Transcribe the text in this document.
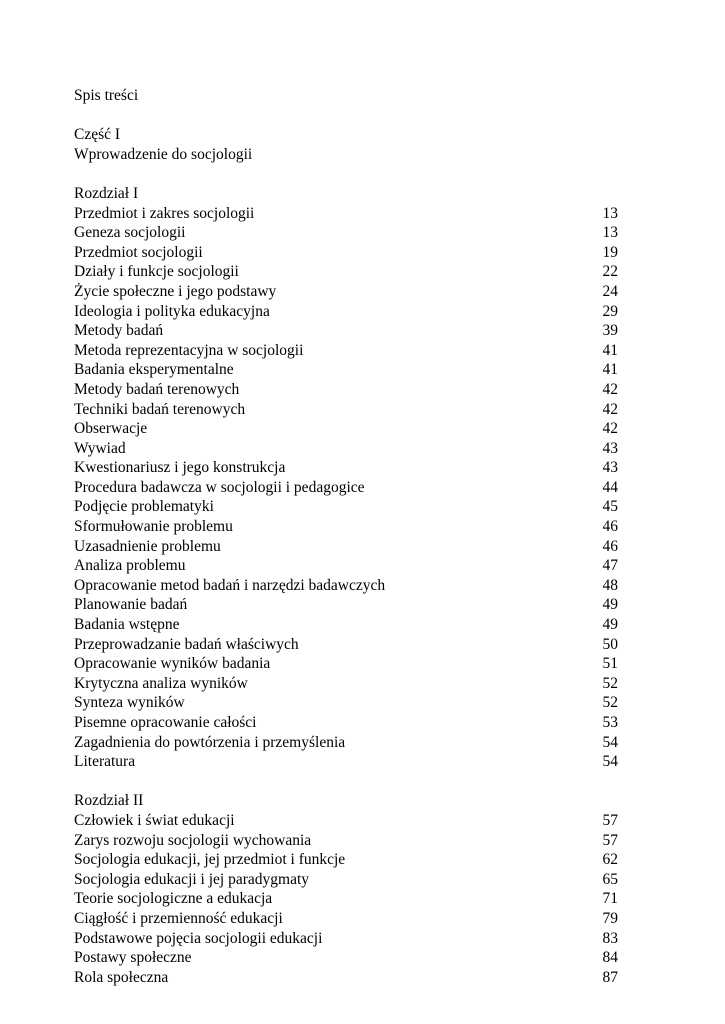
Spis treści
Część I
Wprowadzenie do socjologii
Rozdział I
Przedmiot i zakres socjologii	13
Geneza socjologii	13
Przedmiot socjologii	19
Działy i funkcje socjologii	22
Życie społeczne i jego podstawy	24
Ideologia i polityka edukacyjna	29
Metody badań	39
Metoda reprezentacyjna w socjologii	41
Badania eksperymentalne	41
Metody badań terenowych	42
Techniki badań terenowych	42
Obserwacje	42
Wywiad	43
Kwestionariusz i jego konstrukcja	43
Procedura badawcza w socjologii i pedagogice	44
Podjęcie problematyki	45
Sformułowanie problemu	46
Uzasadnienie problemu	46
Analiza problemu	47
Opracowanie metod badań i narzędzi badawczych	48
Planowanie badań	49
Badania wstępne	49
Przeprowadzanie badań właściwych	50
Opracowanie wyników badania	51
Krytyczna analiza wyników	52
Synteza wyników	52
Pisemne opracowanie całości	53
Zagadnienia do powtórzenia i przemyślenia	54
Literatura	54
Rozdział II
Człowiek i świat edukacji	57
Zarys rozwoju socjologii wychowania	57
Socjologia edukacji, jej przedmiot i funkcje	62
Socjologia edukacji i jej paradygmaty	65
Teorie socjologiczne a edukacja	71
Ciągłość i przemienność edukacji	79
Podstawowe pojęcia socjologii edukacji	83
Postawy społeczne	84
Rola społeczna	87
